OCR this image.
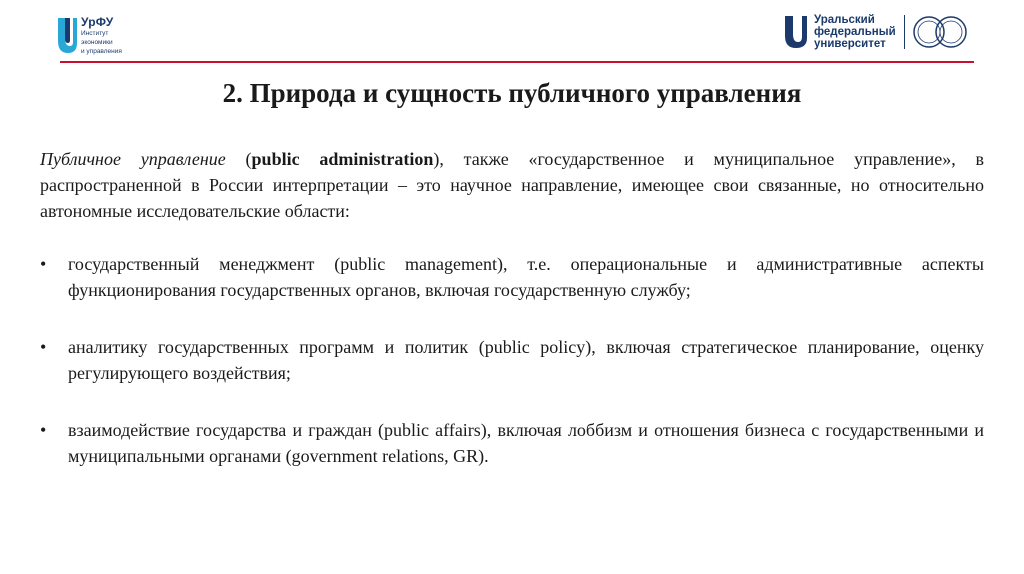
УрФУ
Институт
экономики
и управления
Уральский
федеральный
университет
2. Природа и сущность публичного управления

Публичное управление (public administration), также «государственное и муниципальное управление», в распространенной в России интерпретации – это научное направление, имеющее свои связанные, но относительно автономные исследовательские области:

• государственный менеджмент (public management), т.е. операциональные и административные аспекты функционирования государственных органов, включая государственную службу;
• аналитику государственных программ и политик (public policy), включая стратегическое планирование, оценку регулирующего воздействия;
• взаимодействие государства и граждан (public affairs), включая лоббизм и отношения бизнеса с государственными и муниципальными органами (government relations, GR).
